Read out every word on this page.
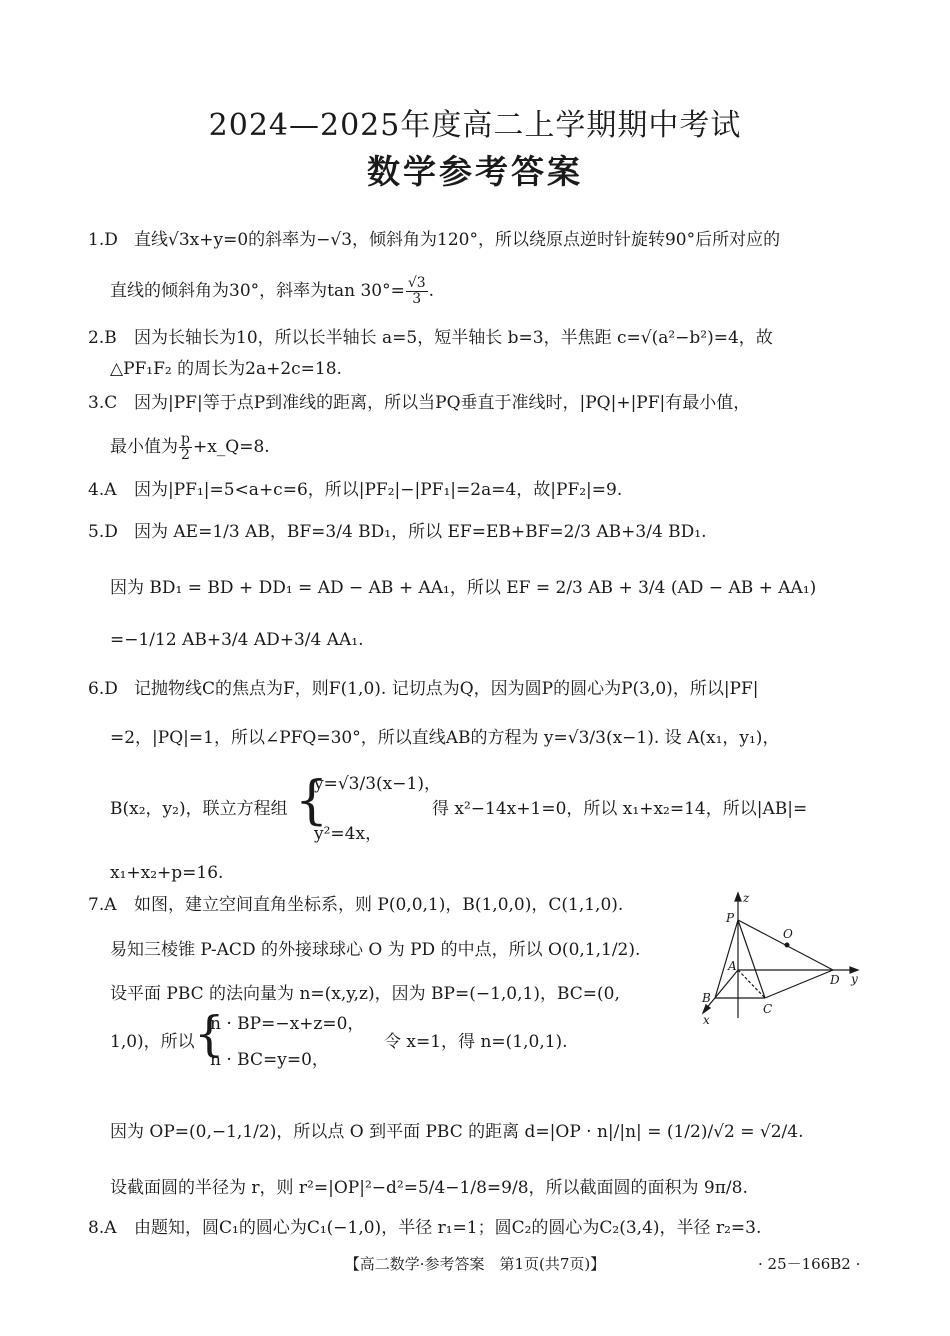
2024—2025年度高二上学期期中考试
数学参考答案
1.D 直线√3x+y=0的斜率为−√3，倾斜角为120°，所以绕原点逆时针旋转90°后所对应的
直线的倾斜角为30°，斜率为$\tan 30^\circ= \frac{√3}{3}$ .
2.B 因为长轴长为10，所以长半轴长 a=5，短半轴长 b=3，半焦距 c=√(a²−b²)=4，故
△PF₁F₂ 的周长为2a+2c=18.
3.C 因为|PF|等于点P到准线的距离，所以当PQ垂直于准线时，|PQ|+|PF|有最小值，
最小值为 $\frac{p}{2}$ +x_Q=8.
4.A 因为|PF₁|=5<a+c=6，所以|PF₂|−|PF₁|=2a=4，故|PF₂|=9.
5.D 因为 AE=1/3 AB，BF=3/4 BD₁，所以 EF=EB+BF=2/3 AB+3/4 BD₁.
因为 BD₁ = BD + DD₁ = AD − AB + AA₁，所以 EF = 2/3 AB + 3/4 (AD − AB + AA₁)
=−1/12 AB+3/4 AD+3/4 AA₁.
6.D 记抛物线C的焦点为F，则F(1,0). 记切点为Q，因为圆P的圆心为P(3,0)，所以|PF|
=2，|PQ|=1，所以∠PFQ=30°，所以直线AB的方程为 y=√3/3(x−1). 设 A(x₁，y₁)，
B(x₂，y₂)，联立方程组 {
y=√3/3(x−1)，
y²=4x，
得 x²−14x+1=0，所以 x₁+x₂=14，所以|AB|=
x₁+x₂+p=16.
7.A 如图，建立空间直角坐标系，则 P(0,0,1)，B(1,0,0)，C(1,1,0).
易知三棱锥 P-ACD 的外接球球心 O 为 PD 的中点，所以 O(0,1,1/2).
设平面 PBC 的法向量为 n=(x,y,z)，因为 BP=(−1,0,1)，BC=(0,
1,0)，所以 {
n · BP=−x+z=0，
n · BC=y=0，
令 x=1，得 n=(1,0,1).
因为 OP=(0,−1,1/2)，所以点 O 到平面 PBC 的距离 d=|OP · n|/|n| = (1/2)/√2 = √2/4.
设截面圆的半径为 r，则 r²=|OP|²−d²=5/4−1/8=9/8，所以截面圆的面积为 9π/8.
z
P
O
A
D y
B
C
x
8.A 由题知，圆C₁的圆心为C₁(−1,0)，半径 r₁=1；圆C₂的圆心为C₂(3,4)，半径 r₂=3.
【高二数学·参考答案　第1页(共7页)】	· 25－166B2 ·
